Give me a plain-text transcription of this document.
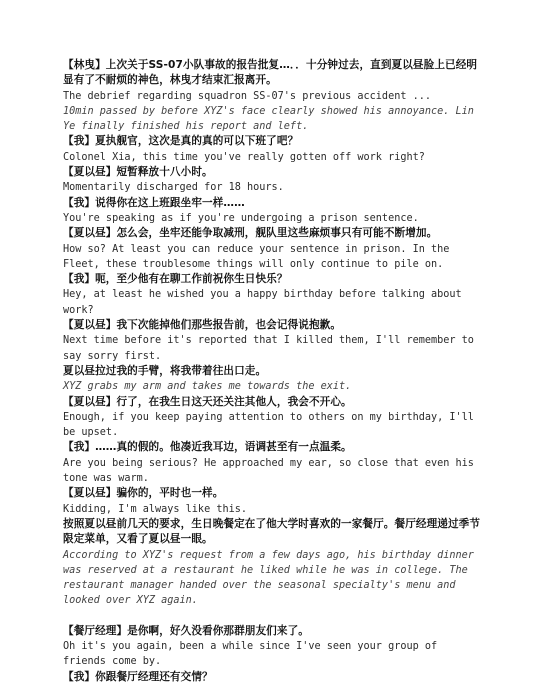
【林曳】上次关于SS-07小队事故的报告批复…．．十分钟过去，直到夏以昼脸上已经明显有了不耐烦的神色，林曳才结束汇报离开。

The debrief regarding squadron SS-07's previous accident ...

10min passed by before XYZ's face clearly showed his annoyance. Lin Ye finally finished his report and left.

【我】夏执舰官，这次是真的真的可以下班了吧？

Colonel Xia, this time you've really gotten off work right?

【夏以昼】短暂释放十八小时。

Momentarily discharged for 18 hours.

【我】说得你在这上班跟坐牢一样……

You're speaking as if you're undergoing a prison sentence.

【夏以昼】怎么会，坐牢还能争取减刑，舰队里这些麻烦事只有可能不断增加。

How so? At least you can reduce your sentence in prison. In the Fleet, these troublesome things will only continue to pile on.

【我】呃，至少他有在聊工作前祝你生日快乐？

Hey, at least he wished you a happy birthday before talking about work?

【夏以昼】我下次能掉他们那些报告前，也会记得说抱歉。

Next time before it's reported that I killed them, I'll remember to say sorry first.

夏以昼拉过我的手臂，将我带着往出口走。

XYZ grabs my arm and takes me towards the exit.

【夏以昼】行了，在我生日这天还关注其他人，我会不开心。

Enough, if you keep paying attention to others on my birthday, I'll be upset.

【我】……真的假的。他凑近我耳边，语调甚至有一点温柔。

Are you being serious? He approached my ear, so close that even his tone was warm.

【夏以昼】骗你的，平时也一样。

Kidding, I'm always like this.

按照夏以昼前几天的要求，生日晚餐定在了他大学时喜欢的一家餐厅。餐厅经理递过季节限定菜单，又看了夏以昼一眼。

According to XYZ's request from a few days ago, his birthday dinner was reserved at a restaurant he liked while he was in college. The restaurant manager handed over the seasonal specialty's menu and looked over XYZ again.

【餐厅经理】是你啊，好久没看你那群朋友们来了。

Oh it's you again, been a while since I've seen your group of friends come by.

【我】你跟餐厅经理还有交情？
